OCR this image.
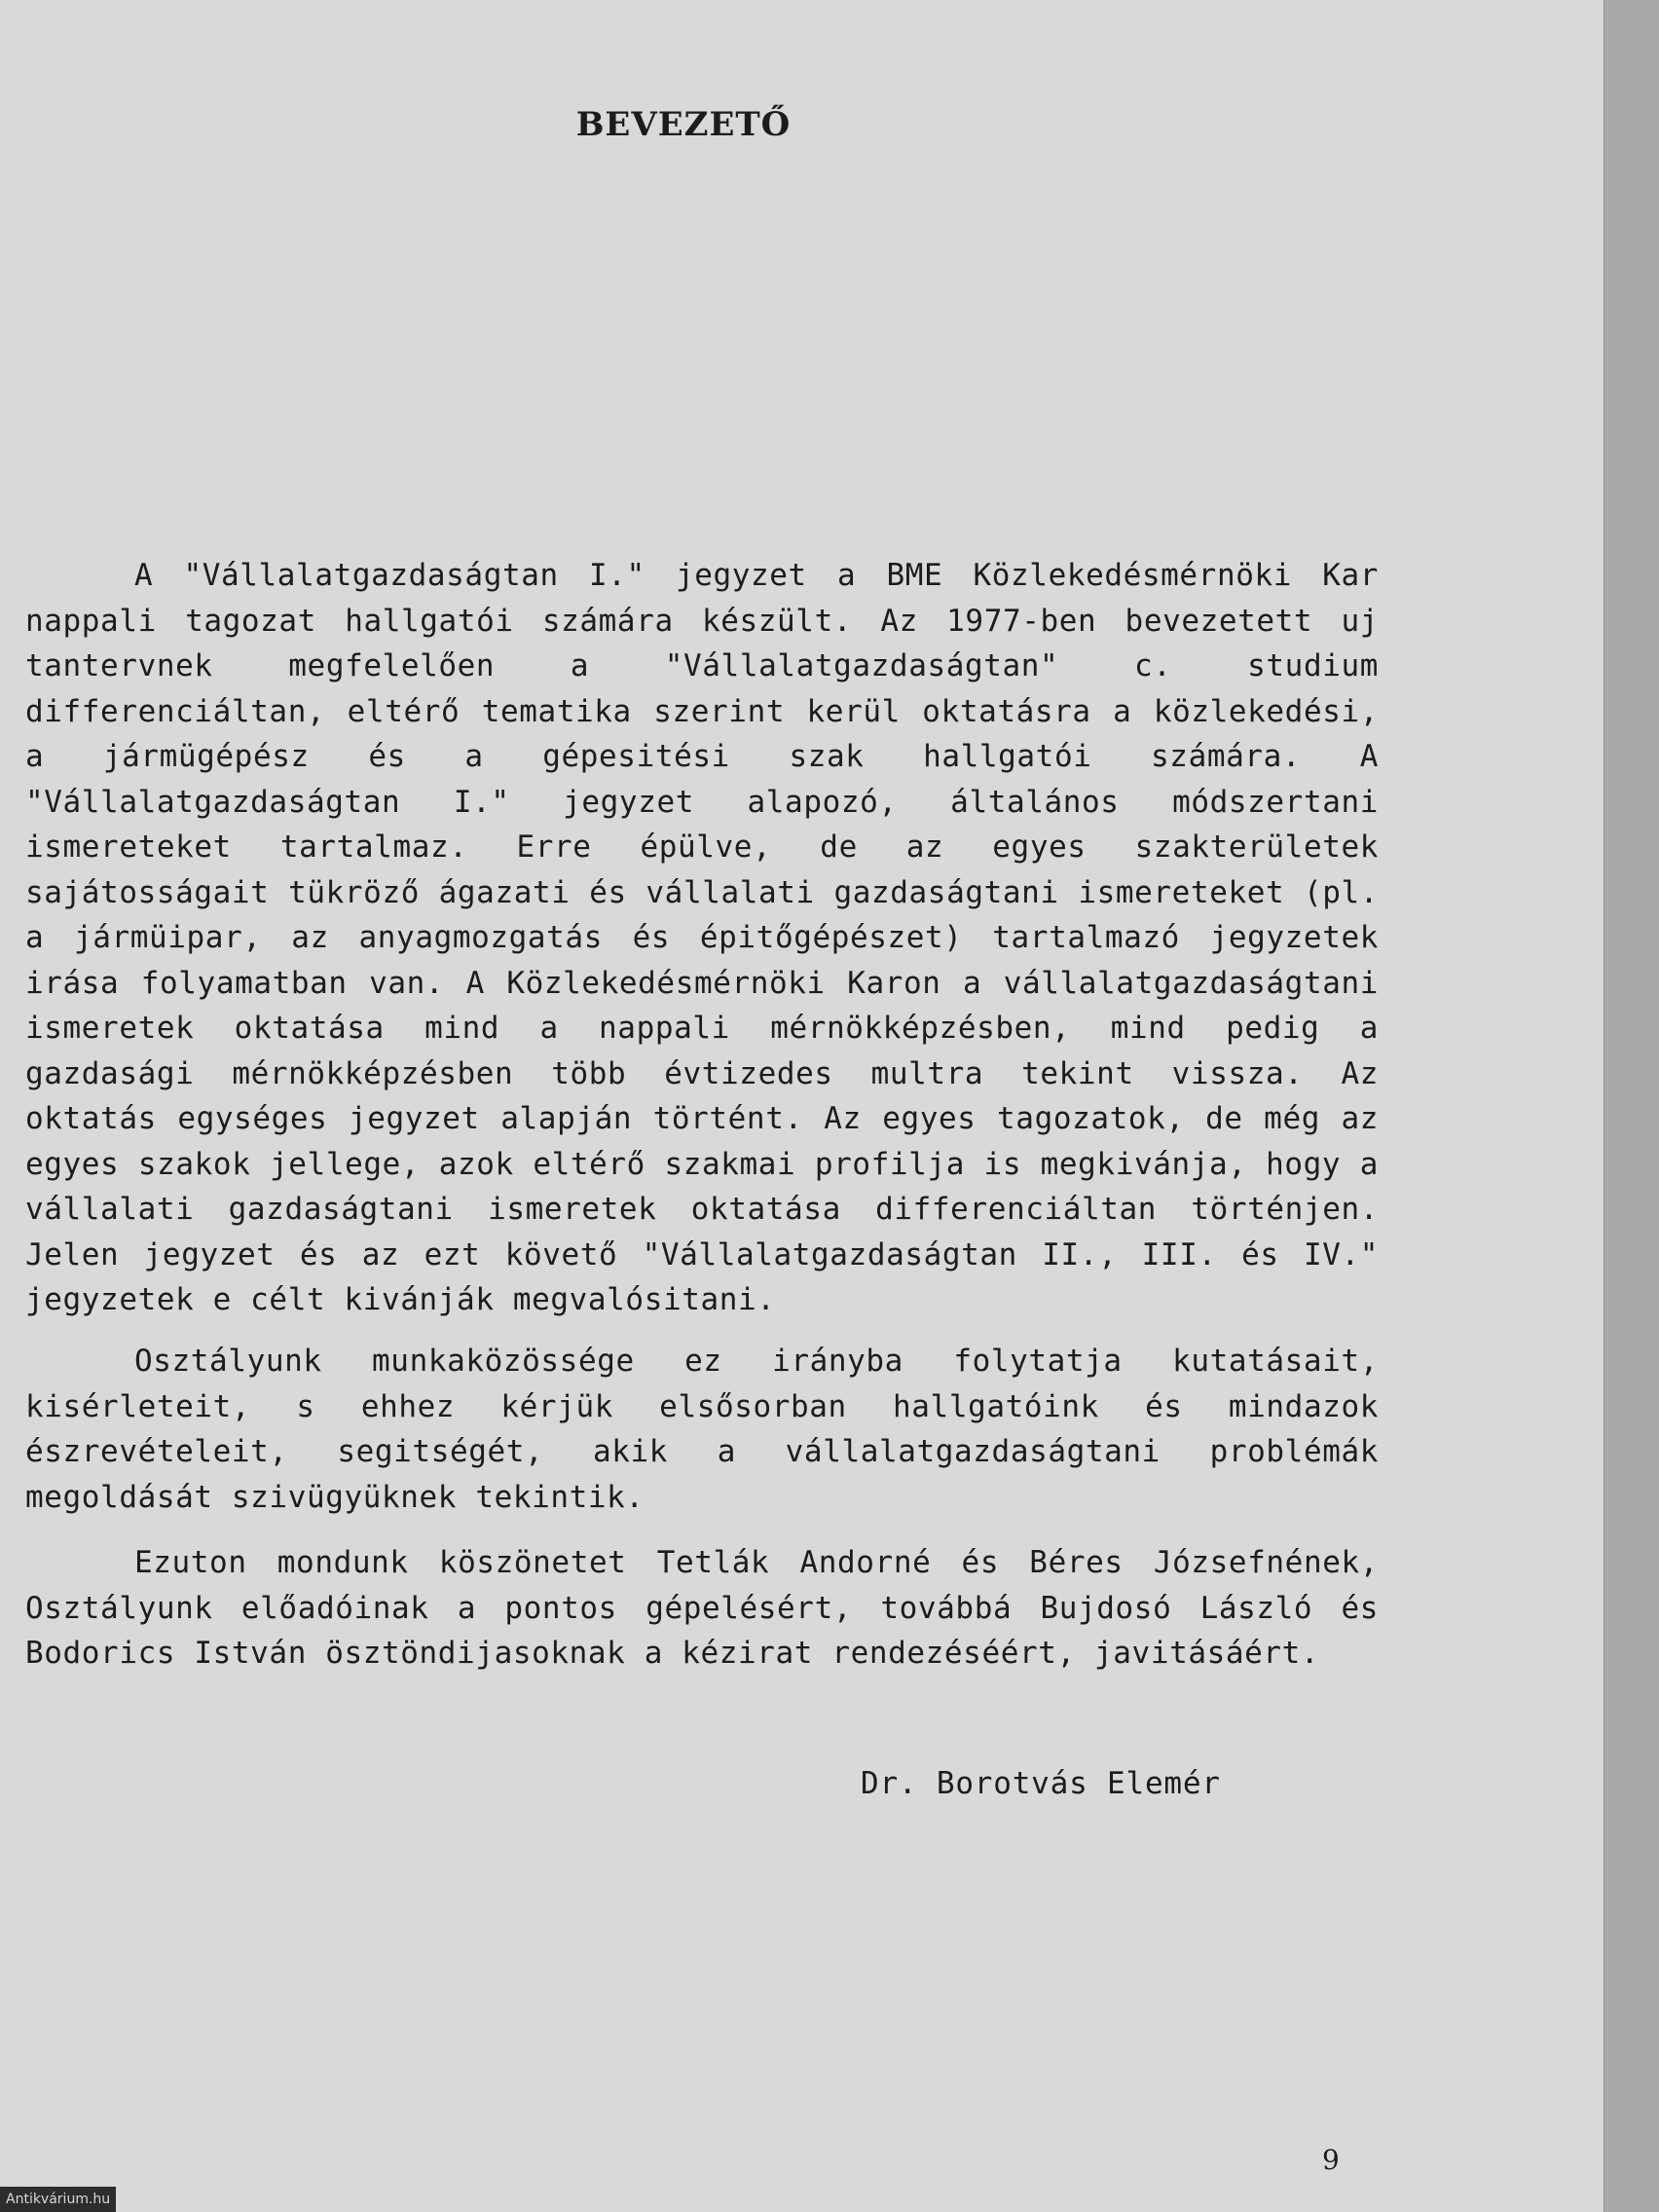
BEVEZETŐ

A "Vállalatgazdaságtan I." jegyzet a BME Közlekedésmérnöki Kar nappali tagozat hallgatói számára készült. Az 1977-ben bevezetett uj tantervnek megfelelően a "Vállalatgazdaságtan" c. studium differenciáltan, eltérő tematika szerint kerül oktatásra a közlekedési, a jármügépész és a gépesitési szak hallgatói számára. A "Vállalatgazdaságtan I." jegyzet alapozó, általános módszertani ismereteket tartalmaz. Erre épülve, de az egyes szakterületek sajátosságait tükröző ágazati és vállalati gazdaságtani ismereteket (pl. a jármüipar, az anyagmozgatás és épitőgépészet) tartalmazó jegyzetek irása folyamatban van. A Közlekedésmérnöki Karon a vállalatgazdaságtani ismeretek oktatása mind a nappali mérnökképzésben, mind pedig a gazdasági mérnökképzésben több évtizedes multra tekint vissza. Az oktatás egységes jegyzet alapján történt. Az egyes tagozatok, de még az egyes szakok jellege, azok eltérő szakmai profilja is megkivánja, hogy a vállalati gazdaságtani ismeretek oktatása differenciáltan történjen. Jelen jegyzet és az ezt követő "Vállalatgazdaságtan II., III. és IV." jegyzetek e célt kivánják megvalósitani.

Osztályunk munkaközössége ez irányba folytatja kutatásait, kisérleteit, s ehhez kérjük elsősorban hallgatóink és mindazok észrevételeit, segitségét, akik a vállalatgazdaságtani problémák megoldását szivügyüknek tekintik.

Ezuton mondunk köszönetet Tetlák Andorné és Béres Józsefnének, Osztályunk előadóinak a pontos gépelésért, továbbá Bujdosó László és Bodorics István ösztöndijasoknak a kézirat rendezéséért, javitásáért.

Dr. Borotvás Elemér
9
Antikvárium.hu
